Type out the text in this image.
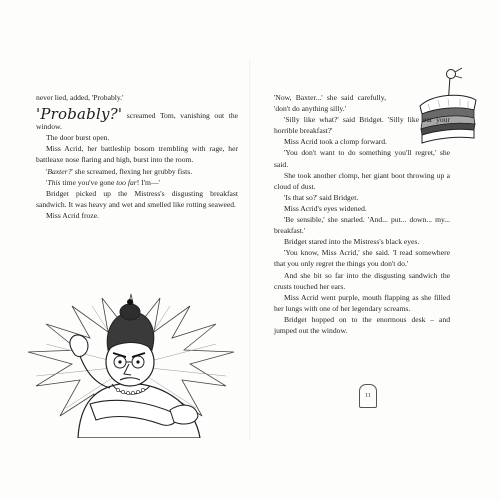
never lied, added, 'Probably.'

'Probably?' screamed Tom, vanishing out the window.

The door burst open.

Miss Acrid, her battleship bosom trembling with rage, her battleaxe nose flaring and high, burst into the room.

'Baxter?' she screamed, flexing her grubby fists.

'This time you've gone too far! I'm—'

Bridget picked up the Mistress's disgusting breakfast sandwich. It was heavy and wet and smelled like rotting seaweed.

Miss Acrid froze.

'Now, Baxter...' she said carefully, 'don't do anything silly.'

'Silly like what?' said Bridget. 'Silly like eat your horrible breakfast?'

Miss Acrid took a clomp forward.

'You don't want to do something you'll regret,' she said.

She took another clomp, her giant boot throwing up a cloud of dust.

'Is that so?' said Bridget.

Miss Acrid's eyes widened.

'Be sensible,' she snarled. 'And... put... down... my... breakfast.'

Bridget stared into the Mistress's black eyes.

'You know, Miss Acrid,' she said. 'I read somewhere that you only regret the things you don't do.'

And she bit so far into the disgusting sandwich the crusts touched her ears.

Miss Acrid went purple, mouth flapping as she filled her lungs with one of her legendary screams.

Bridget hopped on to the enormous desk – and jumped out the window.

11
